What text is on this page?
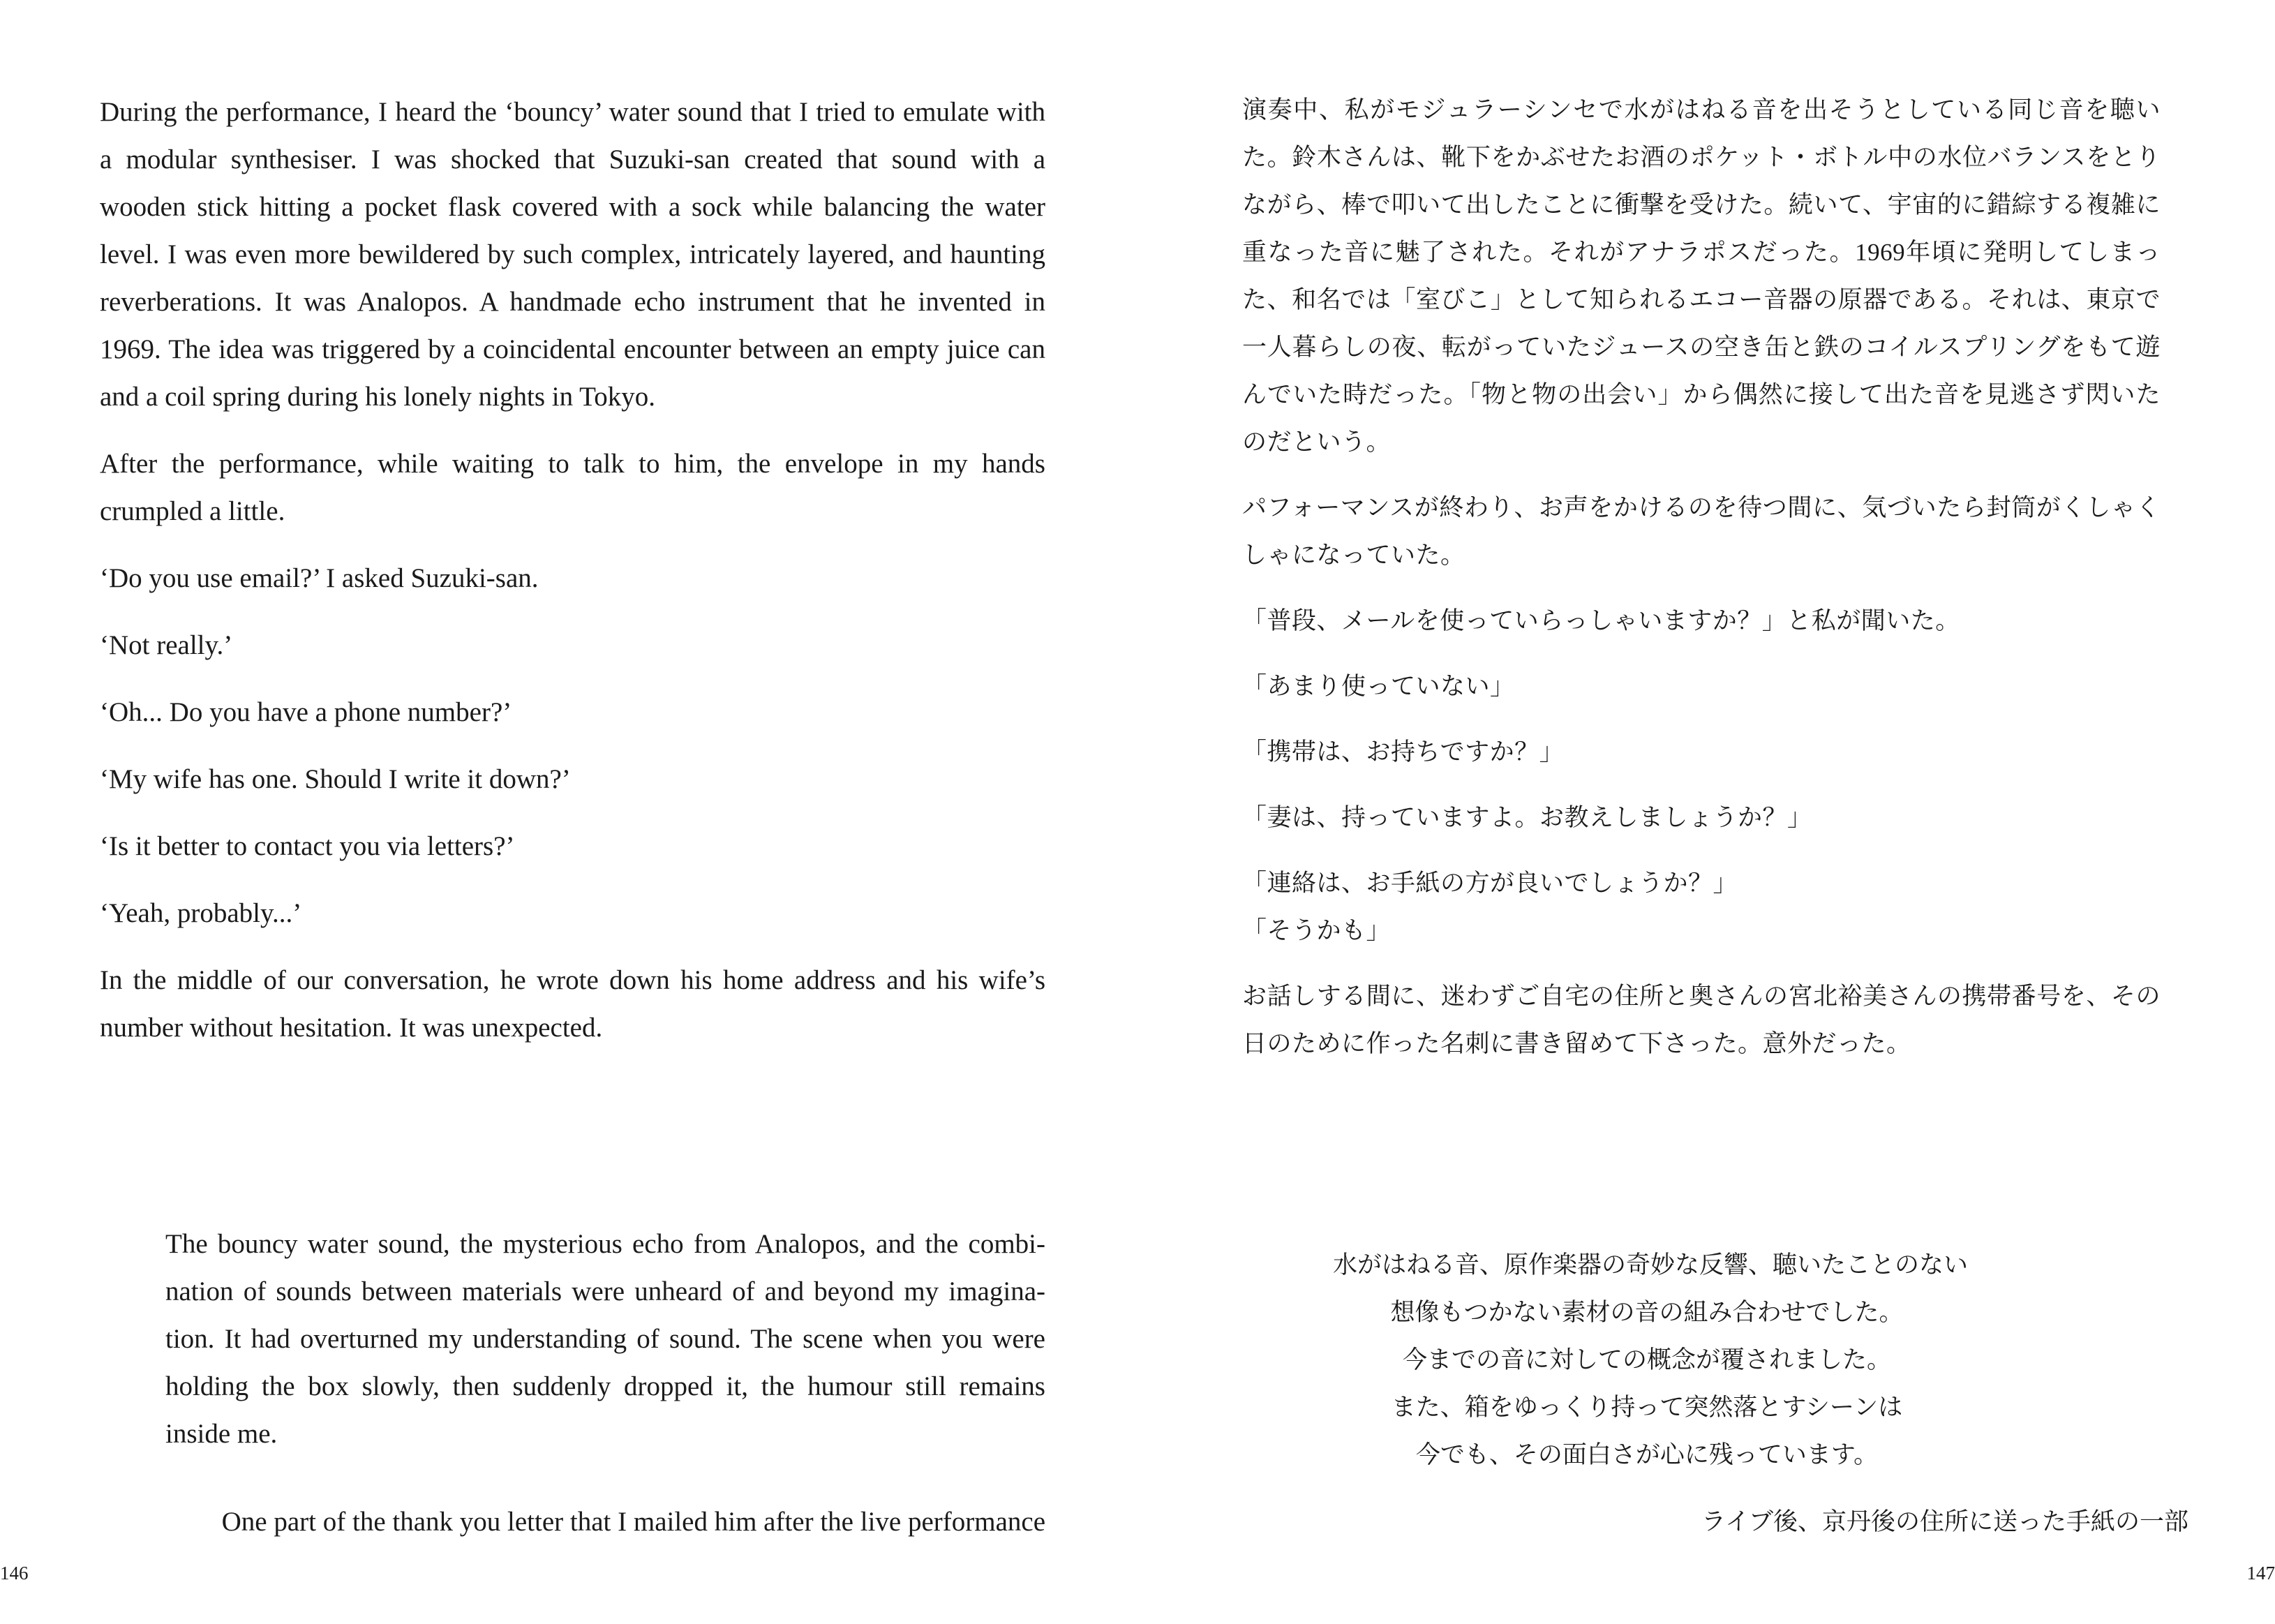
During the performance, I heard the ‘bouncy’ water sound that I tried to emulate with a modular synthesiser. I was shocked that Suzuki-san created that sound with a wooden stick hitting a pocket flask covered with a sock while balancing the water level. I was even more bewildered by such complex, intricately layered, and haunting reverberations. It was Analopos. A handmade echo instrument that he invented in 1969. The idea was triggered by a coincidental encounter between an empty juice can and a coil spring during his lonely nights in Tokyo.

After the performance, while waiting to talk to him, the envelope in my hands crumpled a little.

‘Do you use email?’ I asked Suzuki-san.

‘Not really.’

‘Oh... Do you have a phone number?’

‘My wife has one. Should I write it down?’

‘Is it better to contact you via letters?’

‘Yeah, probably...’

In the middle of our conversation, he wrote down his home address and his wife’s number without hesitation. It was unexpected.

The bouncy water sound, the mysterious echo from Analopos, and the combination of sounds between materials were unheard of and beyond my imagination. It had overturned my understanding of sound. The scene when you were holding the box slowly, then suddenly dropped it, the humour still remains inside me.

One part of the thank you letter that I mailed him after the live performance

146

演奏中、私がモジュラーシンセで水がはねる音を出そうとしている同じ音を聴いた。鈴木さんは、靴下をかぶせたお酒のポケット・ボトル中の水位バランスをとりながら、棒で叩いて出したことに衝撃を受けた。続いて、宇宙的に錯綜する複雑に重なった音に魅了された。それがアナラポスだった。1969年頃に発明してしまった、和名では「室びこ」として知られるエコー音器の原器である。それは、東京で一人暮らしの夜、転がっていたジュースの空き缶と鉄のコイルスプリングをもて遊んでいた時だった。「物と物の出会い」から偶然に接して出た音を見逃さず閃いたのだという。

パフォーマンスが終わり、お声をかけるのを待つ間に、気づいたら封筒がくしゃくしゃになっていた。

「普段、メールを使っていらっしゃいますか？」と私が聞いた。

「あまり使っていない」

「携帯は、お持ちですか？」

「妻は、持っていますよ。お教えしましょうか？」

「連絡は、お手紙の方が良いでしょうか？」

「そうかも」

お話しする間に、迷わずご自宅の住所と奥さんの宮北裕美さんの携帯番号を、その日のために作った名刺に書き留めて下さった。意外だった。

水がはねる音、原作楽器の奇妙な反響、聴いたことのない
想像もつかない素材の音の組み合わせでした。
今までの音に対しての概念が覆されました。
また、箱をゆっくり持って突然落とすシーンは
今でも、その面白さが心に残っています。

ライブ後、京丹後の住所に送った手紙の一部

147
